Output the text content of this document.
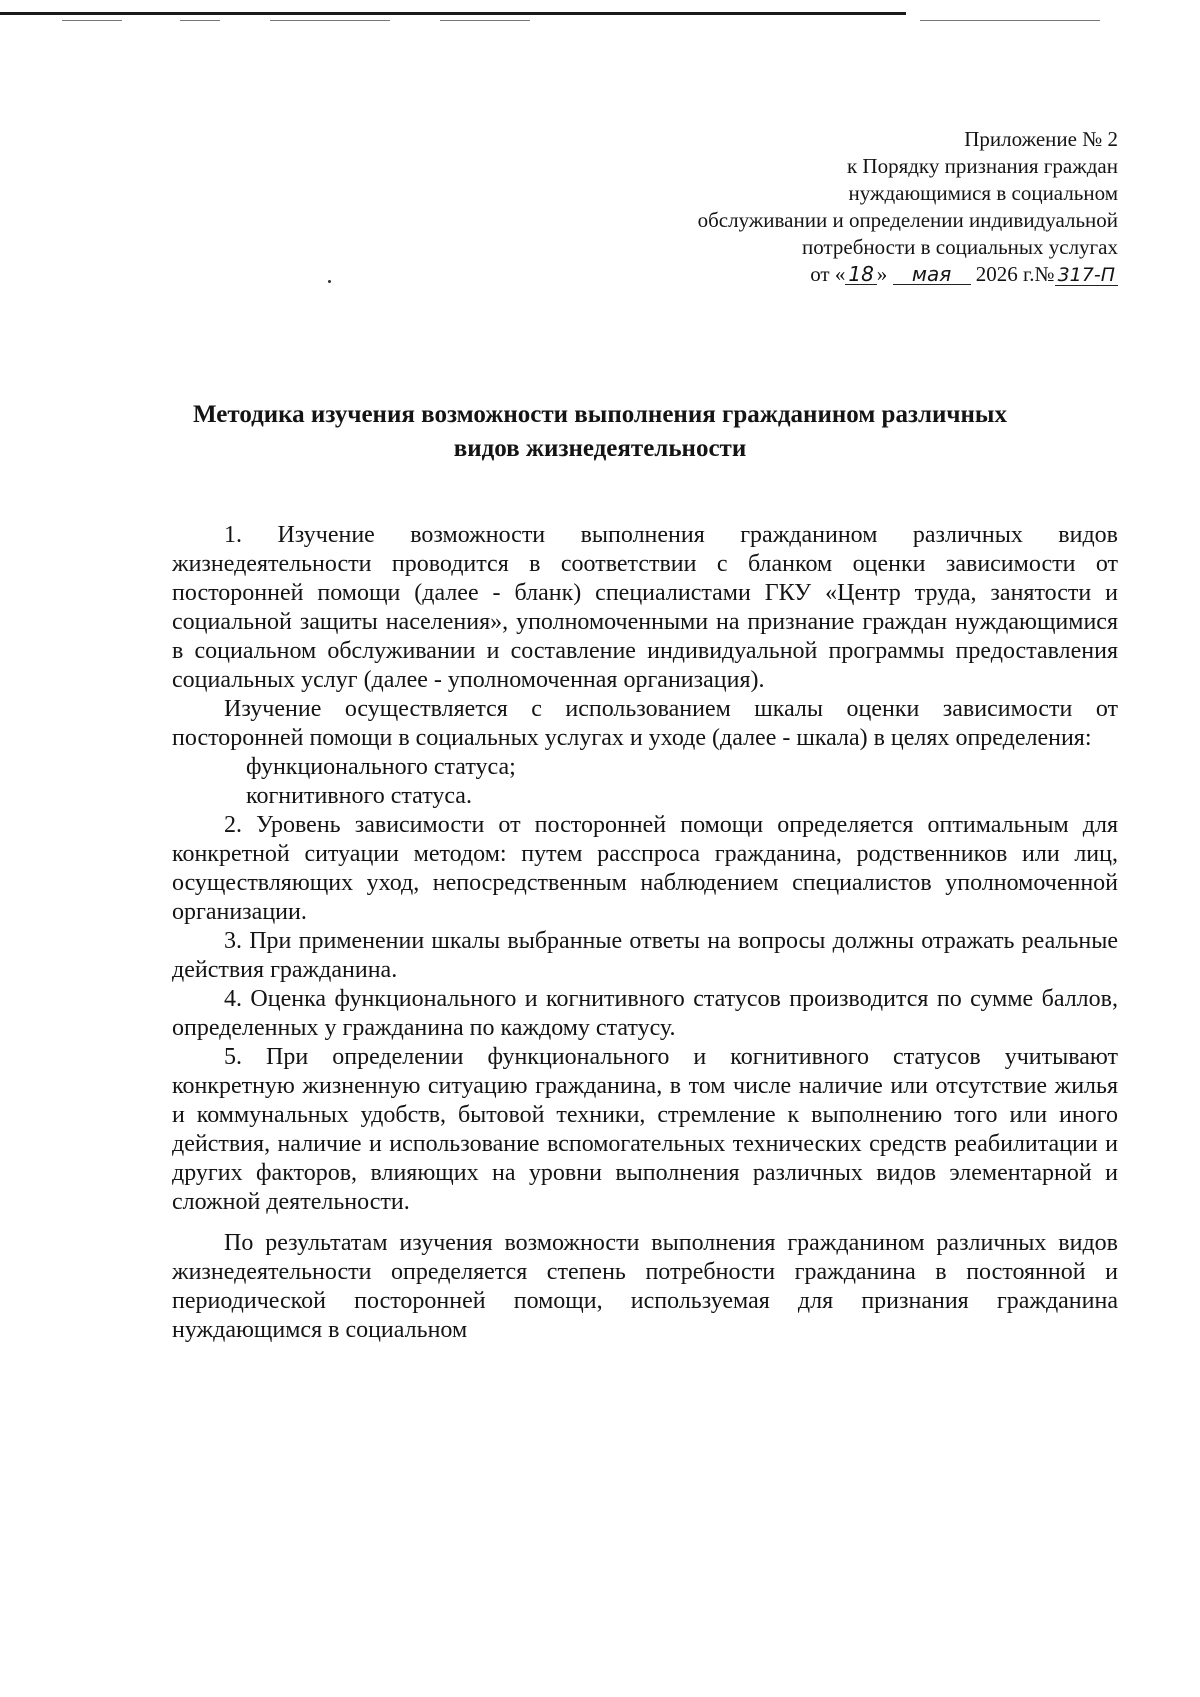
Приложение № 2
к Порядку признания граждан
нуждающимися в социальном
обслуживании и определении индивидуальной
потребности в социальных услугах
от « 18 » мая 2026 г.№ 317-П
Методика изучения возможности выполнения гражданином различных
видов жизнедеятельности

1. Изучение возможности выполнения гражданином различных видов жизнедеятельности проводится в соответствии с бланком оценки зависимости от посторонней помощи (далее - бланк) специалистами ГКУ «Центр труда, занятости и социальной защиты населения», уполномоченными на признание граждан нуждающимися в социальном обслуживании и составление индивидуальной программы предоставления социальных услуг (далее - уполномоченная организация).

Изучение осуществляется с использованием шкалы оценки зависимости от посторонней помощи в социальных услугах и уходе (далее - шкала) в целях определения:

функционального статуса;

когнитивного статуса.

2. Уровень зависимости от посторонней помощи определяется оптимальным для конкретной ситуации методом: путем расспроса гражданина, родственников или лиц, осуществляющих уход, непосредственным наблюдением специалистов уполномоченной организации.

3. При применении шкалы выбранные ответы на вопросы должны отражать реальные действия гражданина.

4. Оценка функционального и когнитивного статусов производится по сумме баллов, определенных у гражданина по каждому статусу.

5. При определении функционального и когнитивного статусов учитывают конкретную жизненную ситуацию гражданина, в том числе наличие или отсутствие жилья и коммунальных удобств, бытовой техники, стремление к выполнению того или иного действия, наличие и использование вспомогательных технических средств реабилитации и других факторов, влияющих на уровни выполнения различных видов элементарной и сложной деятельности.

По результатам изучения возможности выполнения гражданином различных видов жизнедеятельности определяется степень потребности гражданина в постоянной и периодической посторонней помощи, используемая для признания гражданина нуждающимся в социальном
